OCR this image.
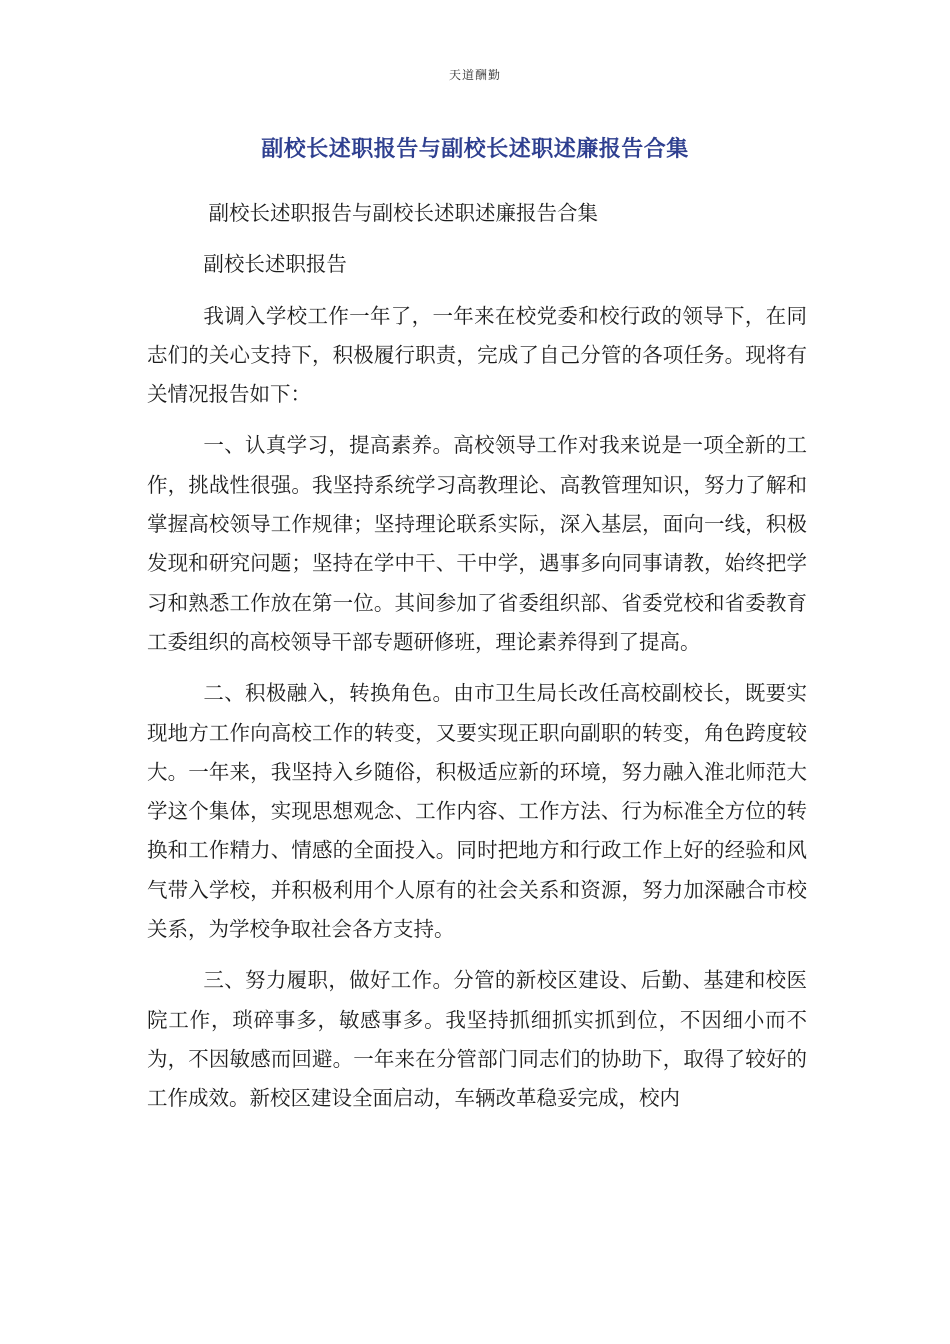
天道酬勤
副校长述职报告与副校长述职述廉报告合集

副校长述职报告与副校长述职述廉报告合集

副校长述职报告

我调入学校工作一年了，一年来在校党委和校行政的领导下，在同志们的关心支持下，积极履行职责，完成了自己分管的各项任务。现将有关情况报告如下：

一、认真学习，提高素养。高校领导工作对我来说是一项全新的工作，挑战性很强。我坚持系统学习高教理论、高教管理知识，努力了解和掌握高校领导工作规律；坚持理论联系实际，深入基层，面向一线，积极发现和研究问题；坚持在学中干、干中学，遇事多向同事请教，始终把学习和熟悉工作放在第一位。其间参加了省委组织部、省委党校和省委教育工委组织的高校领导干部专题研修班，理论素养得到了提高。

二、积极融入，转换角色。由市卫生局长改任高校副校长，既要实现地方工作向高校工作的转变，又要实现正职向副职的转变，角色跨度较大。一年来，我坚持入乡随俗，积极适应新的环境，努力融入淮北师范大学这个集体，实现思想观念、工作内容、工作方法、行为标准全方位的转换和工作精力、情感的全面投入。同时把地方和行政工作上好的经验和风气带入学校，并积极利用个人原有的社会关系和资源，努力加深融合市校关系，为学校争取社会各方支持。

三、努力履职，做好工作。分管的新校区建设、后勤、基建和校医院工作，琐碎事多，敏感事多。我坚持抓细抓实抓到位，不因细小而不为，不因敏感而回避。一年来在分管部门同志们的协助下，取得了较好的工作成效。新校区建设全面启动，车辆改革稳妥完成，校内
